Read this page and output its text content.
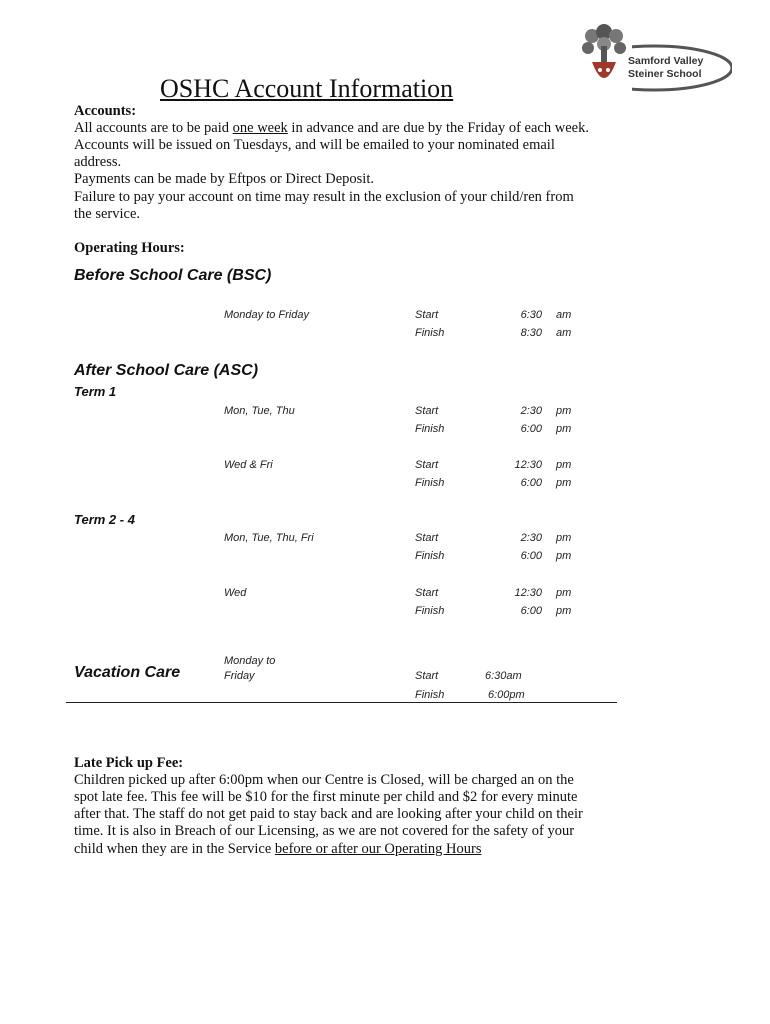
Samford Valley
Steiner School
OSHC Account Information
Accounts:
All accounts are to be paid one week in advance and are due by the Friday of each week.
Accounts will be issued on Tuesdays, and will be emailed to your nominated email
address.
Payments can be made by Eftpos or Direct Deposit.
Failure to pay your account on time may result in the exclusion of your child/ren from
the service.
Operating Hours:
Before School Care (BSC)
Monday to Friday	Start	6:30 am
Finish	8:30 am
After School Care (ASC)
Term 1
Mon, Tue, Thu	Start	2:30 pm
Finish	6:00 pm
Wed & Fri	Start	12:30 pm
Finish	6:00 pm
Term 2 - 4
Mon, Tue, Thu, Fri	Start	2:30 pm
Finish	6:00 pm
Wed	Start	12:30 pm
Finish	6:00 pm
Vacation Care
Monday to
Friday	Start	6:30am
Finish	6:00pm
Late Pick up Fee:
Children picked up after 6:00pm when our Centre is Closed, will be charged an on the
spot late fee. This fee will be $10 for the first minute per child and $2 for every minute
after that. The staff do not get paid to stay back and are looking after your child on their
time. It is also in Breach of our Licensing, as we are not covered for the safety of your
child when they are in the Service before or after our Operating Hours
